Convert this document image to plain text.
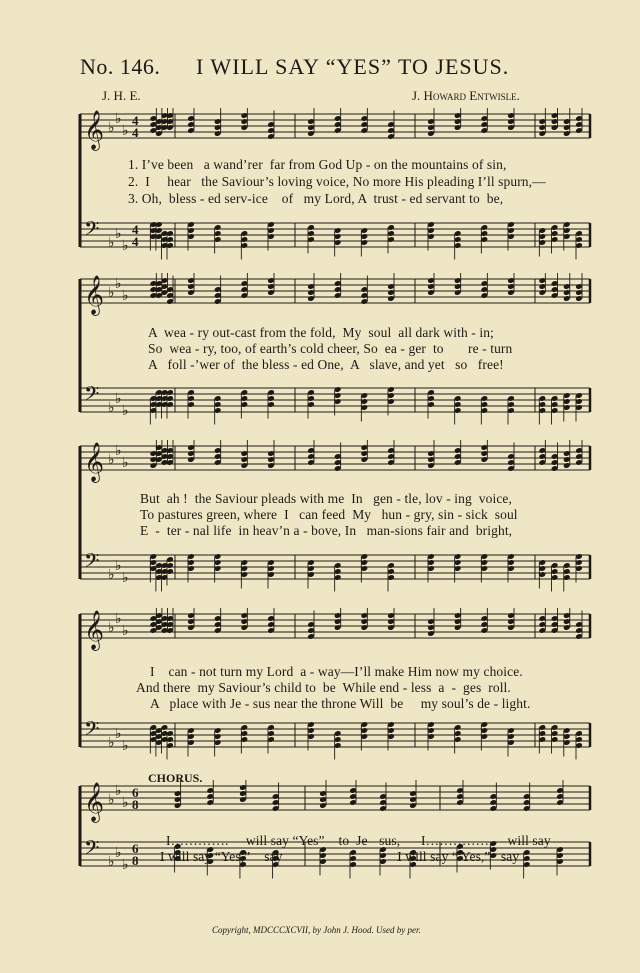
No. 146. I WILL SAY “YES” TO JESUS.
J. H. E.	J. Howard Entwisle.
𝄞 ♭
♭
♭
4
4
𝄢 ♭
♭
♭
4
4
1. I’ve been   a wand’rer  far from God Up - on the mountains of sin,
2.  I     hear   the Saviour’s loving voice, No more His pleading I’ll spurn,—
3. Oh,  bless - ed serv-ice    of   my Lord, A  trust - ed servant to  be,
𝄞 ♭
♭
♭
𝄢 ♭
♭
♭
A  wea - ry out-cast from the fold,  My  soul  all dark with - in;
So  wea - ry, too, of earth’s cold cheer, So  ea - ger  to       re - turn
A   foll -’wer of  the bless - ed One,  A   slave, and yet   so   free!
𝄞 ♭
♭
♭
𝄢 ♭
♭
♭
But  ah !  the Saviour pleads with me  In   gen - tle, lov - ing  voice,
To pastures green, where  I   can feed  My   hun - gry, sin - sick  soul
E  -  ter - nal life  in heav’n a - bove, In   man-sions fair and  bright,
𝄞 ♭
♭
♭
𝄢 ♭
♭
♭
I    can - not turn my Lord  a - way—I’ll make Him now my choice.
And there  my Saviour’s child to  be  While end - less  a  -  ges  roll.
A   place with Je - sus near the throne Will  be     my soul’s de - light.
CHORUS.
𝄞 ♭
♭
♭
6
8
𝄢 ♭
♭
♭
6
8
I………….     will say “Yes”    to  Je - sus,      I……………    will say
I will say “Yes,”    say                                 I will say “ Yes,”   say
Copyright, MDCCCXCVII, by John J. Hood. Used by per.
